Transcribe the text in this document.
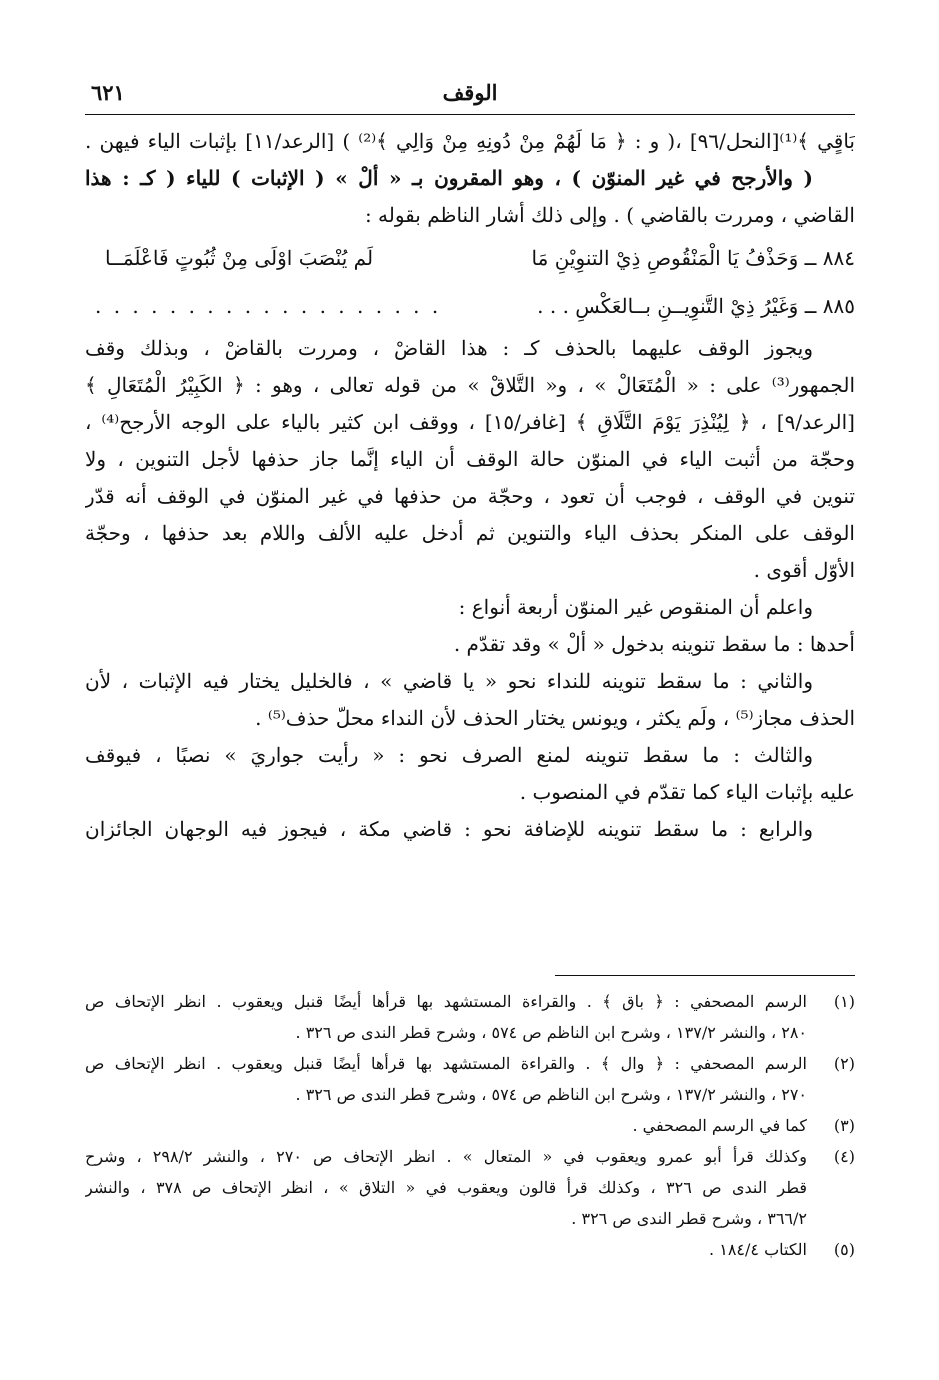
الوقف
٦٢١
بَاقٍي ﴾⁽¹⁾[النحل/٩٦] ،( و : ﴿ مَا لَهُمْ مِنْ دُونِهِ مِنْ وَالِي ﴾⁽²⁾ ) [الرعد/١١] بإثبات الياء فيهن .
( والأرجح في غير المنوّن ) ، وهو المقرون بـ « ألْ » ( الإثبات ) للياء ( كـ : هذا
القاضي ، ومررت بالقاضي ) . وإلى ذلك أشار الناظم بقوله :
٨٨٤ ــ وَحَذْفُ يَا الْمَنْقُوصِ ذِيْ التنوِيْنِ مَا
لَم يُنْصَبَ اوْلَى مِنْ ثُبُوتٍ فَاعْلَمَــا
٨٨٥ ــ وَغَيْرُ ذِيْ التَّنوِيــنِ بــالعَكْسِ . . .
. . . . . . . . . . . . . . . . . . .
ويجوز الوقف عليهما بالحذف كـ : هذا القاضْ ، ومررت بالقاضْ ، وبذلك وقف
الجمهور⁽³⁾ على : « الْمُتَعَالْ » ، و« التَّلاقْ » من قوله تعالى ، وهو : ﴿ الكَبِيْرُ الْمُتَعَالِ ﴾
[الرعد/٩] ، ﴿ لِيُنْذِرَ يَوْمَ التَّلَاقِ ﴾ [غافر/١٥] ، ووقف ابن كثير بالياء على الوجه الأرجح⁽⁴⁾ ،
وحجّة من أثبت الياء في المنوّن حالة الوقف أن الياء إنَّما جاز حذفها لأجل التنوين ، ولا
تنوين في الوقف ، فوجب أن تعود ، وحجّة من حذفها في غير المنوّن في الوقف أنه قدّر
الوقف على المنكر بحذف الياء والتنوين ثم أدخل عليه الألف واللام بعد حذفها ، وحجّة
الأوّل أقوى .
واعلم أن المنقوص غير المنوّن أربعة أنواع :
أحدها : ما سقط تنوينه بدخول « ألْ » وقد تقدّم .
والثاني : ما سقط تنوينه للنداء نحو « يا قاضي » ، فالخليل يختار فيه الإثبات ، لأن
الحذف مجاز⁽⁵⁾ ، ولَم يكثر ، ويونس يختار الحذف لأن النداء محلّ حذف⁽⁵⁾ .
والثالث : ما سقط تنوينه لمنع الصرف نحو : « رأيت جواريَ » نصبًا ، فيوقف
عليه بإثبات الياء كما تقدّم في المنصوب .
والرابع : ما سقط تنوينه للإضافة نحو : قاضي مكة ، فيجوز فيه الوجهان الجائزان
(١)
الرسم المصحفي : ﴿ باق ﴾ . والقراءة المستشهد بها قرأها أيضًا قنبل ويعقوب . انظر الإتحاف ص
٢٨٠ ، والنشر ١٣٧/٢ ، وشرح ابن الناظم ص ٥٧٤ ، وشرح قطر الندى ص ٣٢٦ .
(٢)
الرسم المصحفي : ﴿ وال ﴾ . والقراءة المستشهد بها قرأها أيضًا قنبل ويعقوب . انظر الإتحاف ص
٢٧٠ ، والنشر ١٣٧/٢ ، وشرح ابن الناظم ص ٥٧٤ ، وشرح قطر الندى ص ٣٢٦ .
(٣)
كما في الرسم المصحفي .
(٤)
وكذلك قرأ أبو عمرو ويعقوب في « المتعال » . انظر الإتحاف ص ٢٧٠ ، والنشر ٢٩٨/٢ ، وشرح
قطر الندى ص ٣٢٦ ، وكذلك قرأ قالون ويعقوب في « التلاق » ، انظر الإتحاف ص ٣٧٨ ، والنشر
٣٦٦/٢ ، وشرح قطر الندى ص ٣٢٦ .
(٥)
الكتاب ١٨٤/٤ .
